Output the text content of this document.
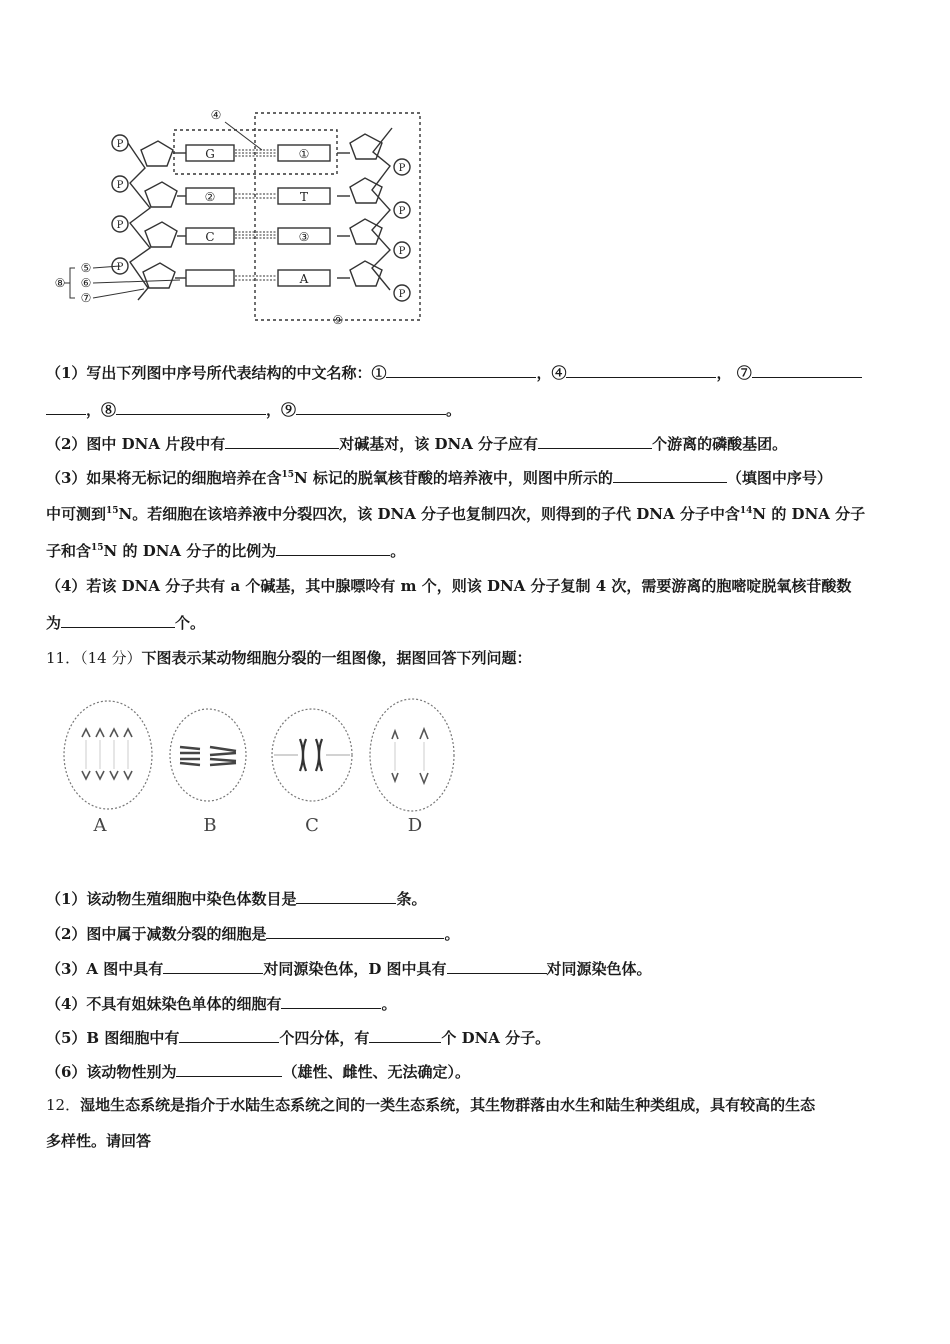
P
P
P
P
P
P
P
P
G
②
C
①
T
③
A
④
⑤
⑥
⑦
⑧
⑨
（1）写出下列图中序号所代表结构的中文名称：①	，④	， ⑦
，⑧	，⑨	。
（2）图中 DNA 片段中有	对碱基对，该 DNA 分子应有	个游离的磷酸基团。
（3）如果将无标记的细胞培养在含$^{15}$N 标记的脱氧核苷酸的培养液中，则图中所示的	（填图中序号）
中可测到$^{15}$N。若细胞在该培养液中分裂四次，该 DNA 分子也复制四次，则得到的子代 DNA 分子中含$^{14}$N 的 DNA 分子
子和含$^{15}$N 的 DNA 分子的比例为	。
（4）若该 DNA 分子共有 a 个碱基，其中腺嘌呤有 m 个，则该 DNA 分子复制 4 次，需要游离的胞嘧啶脱氧核苷酸数
为	个。
11．（14 分）下图表示某动物细胞分裂的一组图像，据图回答下列问题：
A	B	C	D
（1）该动物生殖细胞中染色体数目是	条。
（2）图中属于减数分裂的细胞是	。
（3）A 图中具有	对同源染色体，D 图中具有	对同源染色体。
（4）不具有姐妹染色单体的细胞有	。
（5）B 图细胞中有	个四分体，有	个 DNA 分子。
（6）该动物性别为	（雄性、雌性、无法确定）。
12．湿地生态系统是指介于水陆生态系统之间的一类生态系统，其生物群落由水生和陆生种类组成，具有较高的生态
多样性。请回答
